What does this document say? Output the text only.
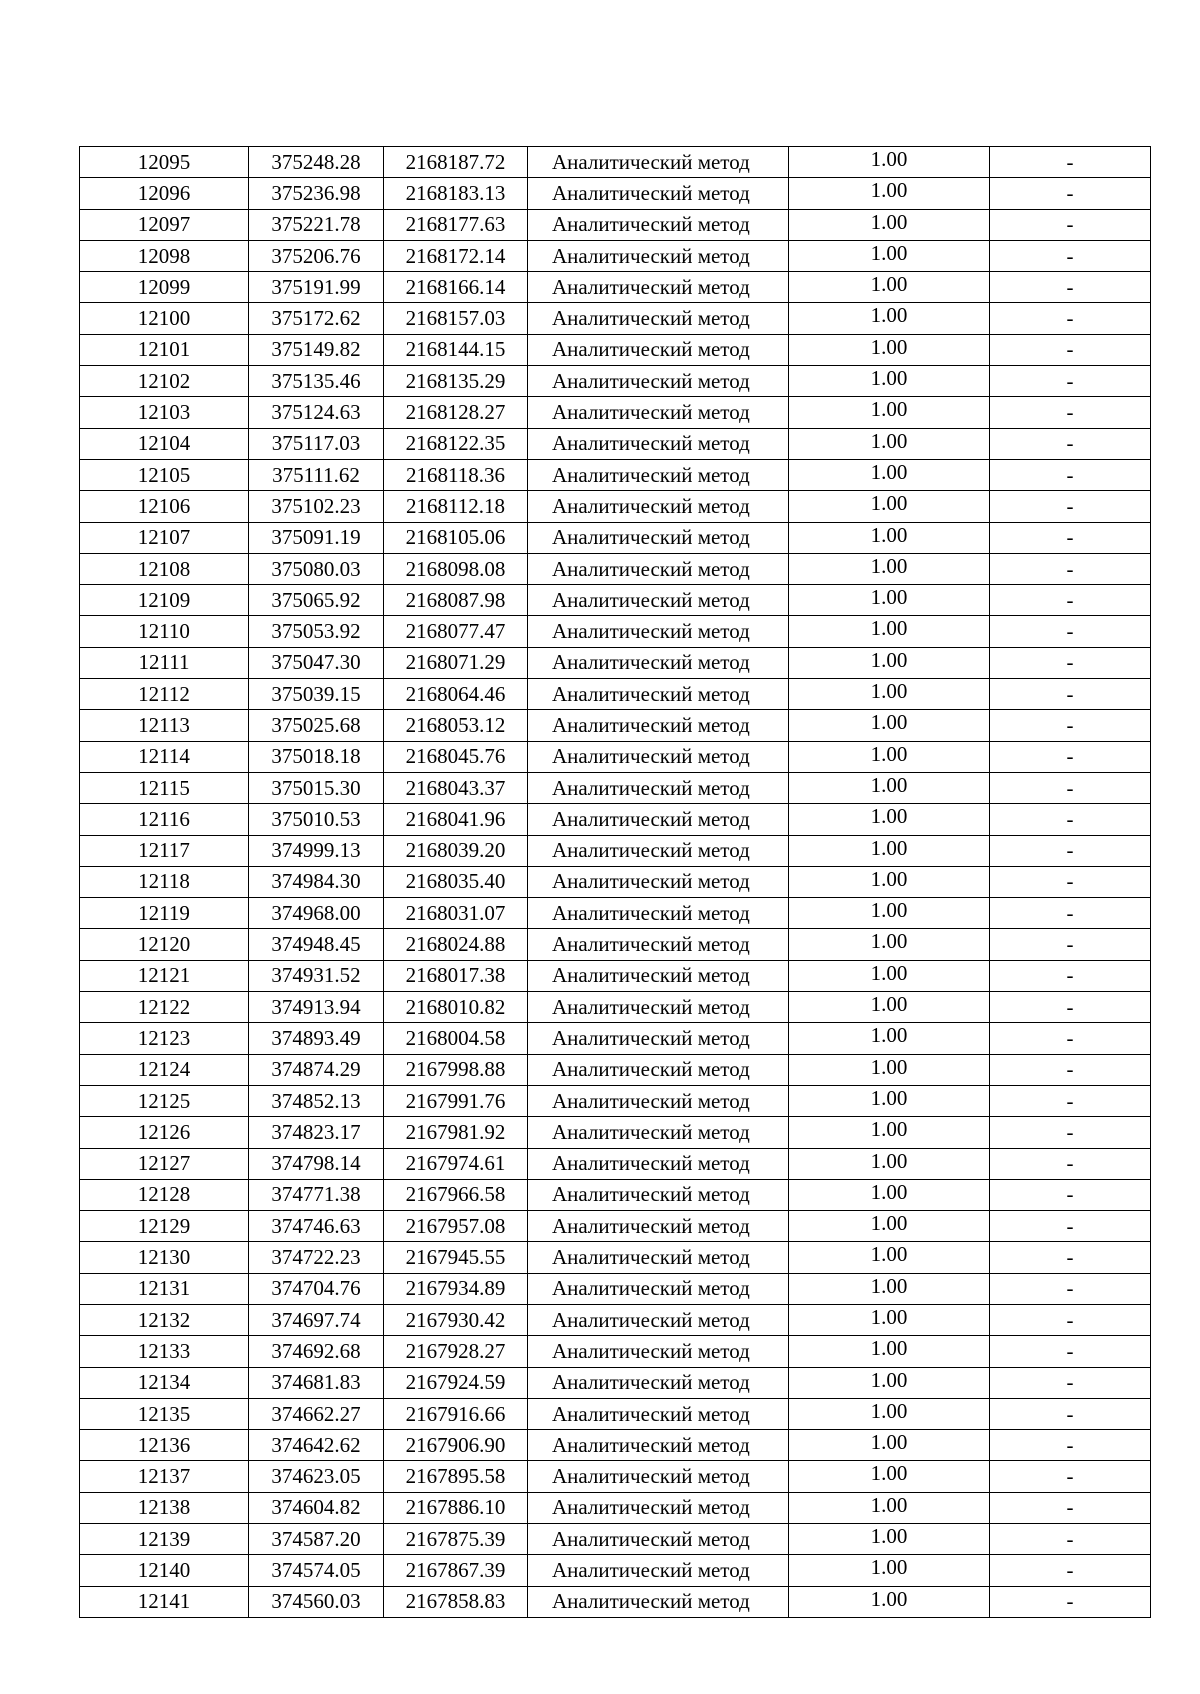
12095	375248.28	2168187.72	Аналитический метод	1.00	-
12096	375236.98	2168183.13	Аналитический метод	1.00	-
12097	375221.78	2168177.63	Аналитический метод	1.00	-
12098	375206.76	2168172.14	Аналитический метод	1.00	-
12099	375191.99	2168166.14	Аналитический метод	1.00	-
12100	375172.62	2168157.03	Аналитический метод	1.00	-
12101	375149.82	2168144.15	Аналитический метод	1.00	-
12102	375135.46	2168135.29	Аналитический метод	1.00	-
12103	375124.63	2168128.27	Аналитический метод	1.00	-
12104	375117.03	2168122.35	Аналитический метод	1.00	-
12105	375111.62	2168118.36	Аналитический метод	1.00	-
12106	375102.23	2168112.18	Аналитический метод	1.00	-
12107	375091.19	2168105.06	Аналитический метод	1.00	-
12108	375080.03	2168098.08	Аналитический метод	1.00	-
12109	375065.92	2168087.98	Аналитический метод	1.00	-
12110	375053.92	2168077.47	Аналитический метод	1.00	-
12111	375047.30	2168071.29	Аналитический метод	1.00	-
12112	375039.15	2168064.46	Аналитический метод	1.00	-
12113	375025.68	2168053.12	Аналитический метод	1.00	-
12114	375018.18	2168045.76	Аналитический метод	1.00	-
12115	375015.30	2168043.37	Аналитический метод	1.00	-
12116	375010.53	2168041.96	Аналитический метод	1.00	-
12117	374999.13	2168039.20	Аналитический метод	1.00	-
12118	374984.30	2168035.40	Аналитический метод	1.00	-
12119	374968.00	2168031.07	Аналитический метод	1.00	-
12120	374948.45	2168024.88	Аналитический метод	1.00	-
12121	374931.52	2168017.38	Аналитический метод	1.00	-
12122	374913.94	2168010.82	Аналитический метод	1.00	-
12123	374893.49	2168004.58	Аналитический метод	1.00	-
12124	374874.29	2167998.88	Аналитический метод	1.00	-
12125	374852.13	2167991.76	Аналитический метод	1.00	-
12126	374823.17	2167981.92	Аналитический метод	1.00	-
12127	374798.14	2167974.61	Аналитический метод	1.00	-
12128	374771.38	2167966.58	Аналитический метод	1.00	-
12129	374746.63	2167957.08	Аналитический метод	1.00	-
12130	374722.23	2167945.55	Аналитический метод	1.00	-
12131	374704.76	2167934.89	Аналитический метод	1.00	-
12132	374697.74	2167930.42	Аналитический метод	1.00	-
12133	374692.68	2167928.27	Аналитический метод	1.00	-
12134	374681.83	2167924.59	Аналитический метод	1.00	-
12135	374662.27	2167916.66	Аналитический метод	1.00	-
12136	374642.62	2167906.90	Аналитический метод	1.00	-
12137	374623.05	2167895.58	Аналитический метод	1.00	-
12138	374604.82	2167886.10	Аналитический метод	1.00	-
12139	374587.20	2167875.39	Аналитический метод	1.00	-
12140	374574.05	2167867.39	Аналитический метод	1.00	-
12141	374560.03	2167858.83	Аналитический метод	1.00	-
